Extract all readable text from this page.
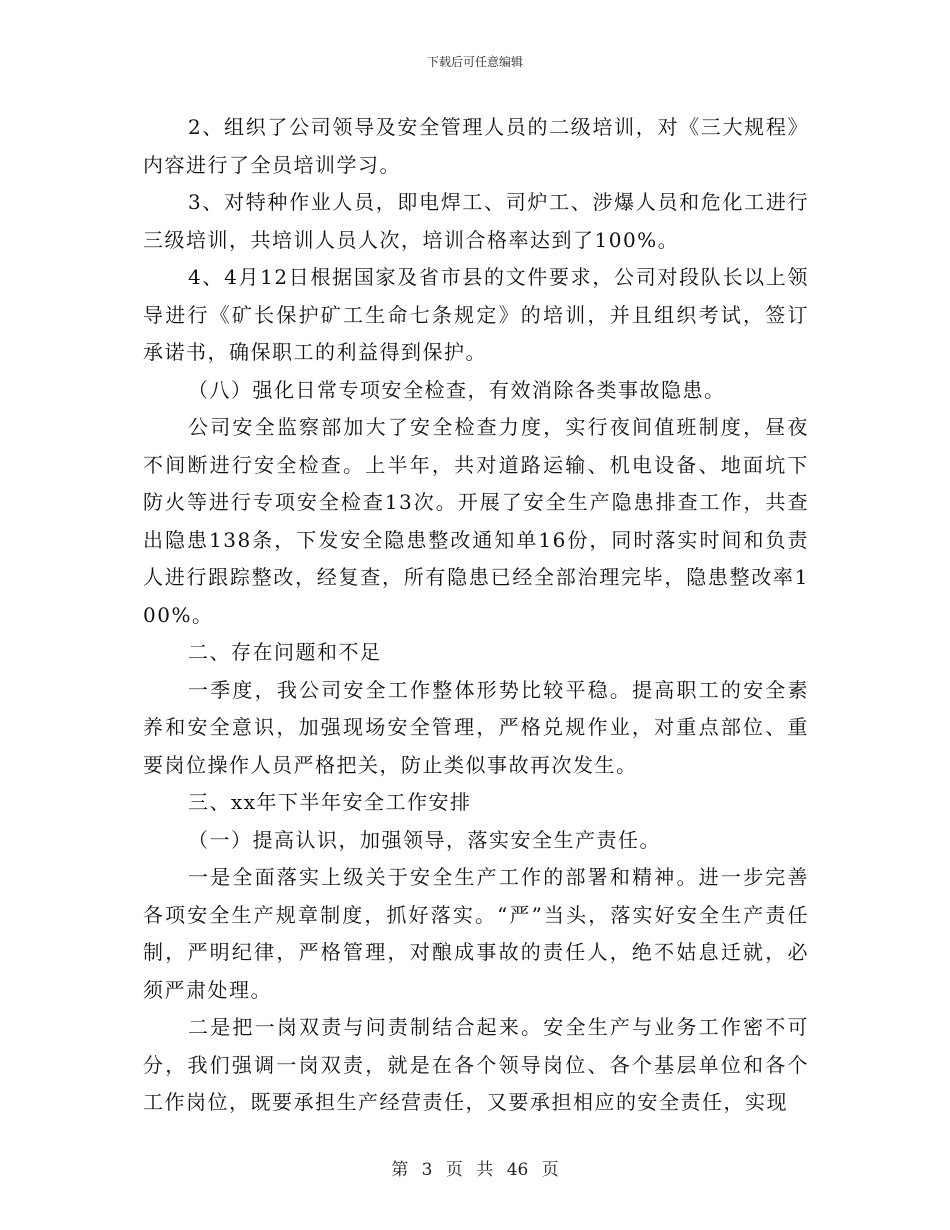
下载后可任意编辑

2、组织了公司领导及安全管理人员的二级培训，对《三大规程》内容进行了全员培训学习。

3、对特种作业人员，即电焊工、司炉工、涉爆人员和危化工进行三级培训，共培训人员人次，培训合格率达到了100%。

4、4月12日根据国家及省市县的文件要求，公司对段队长以上领导进行《矿长保护矿工生命七条规定》的培训，并且组织考试，签订承诺书，确保职工的利益得到保护。

（八）强化日常专项安全检查，有效消除各类事故隐患。

公司安全监察部加大了安全检查力度，实行夜间值班制度，昼夜不间断进行安全检查。上半年，共对道路运输、机电设备、地面坑下防火等进行专项安全检查13次。开展了安全生产隐患排查工作，共查出隐患138条，下发安全隐患整改通知单16份，同时落实时间和负责人进行跟踪整改，经复查，所有隐患已经全部治理完毕，隐患整改率100%。

二、存在问题和不足

一季度，我公司安全工作整体形势比较平稳。提高职工的安全素养和安全意识，加强现场安全管理，严格兑规作业，对重点部位、重要岗位操作人员严格把关，防止类似事故再次发生。

三、xx年下半年安全工作安排

（一）提高认识，加强领导，落实安全生产责任。

一是全面落实上级关于安全生产工作的部署和精神。进一步完善各项安全生产规章制度，抓好落实。“严”当头，落实好安全生产责任制，严明纪律，严格管理，对酿成事故的责任人，绝不姑息迁就，必须严肃处理。

二是把一岗双责与问责制结合起来。安全生产与业务工作密不可分，我们强调一岗双责，就是在各个领导岗位、各个基层单位和各个工作岗位，既要承担生产经营责任，又要承担相应的安全责任，实现

第 3 页 共 46 页
